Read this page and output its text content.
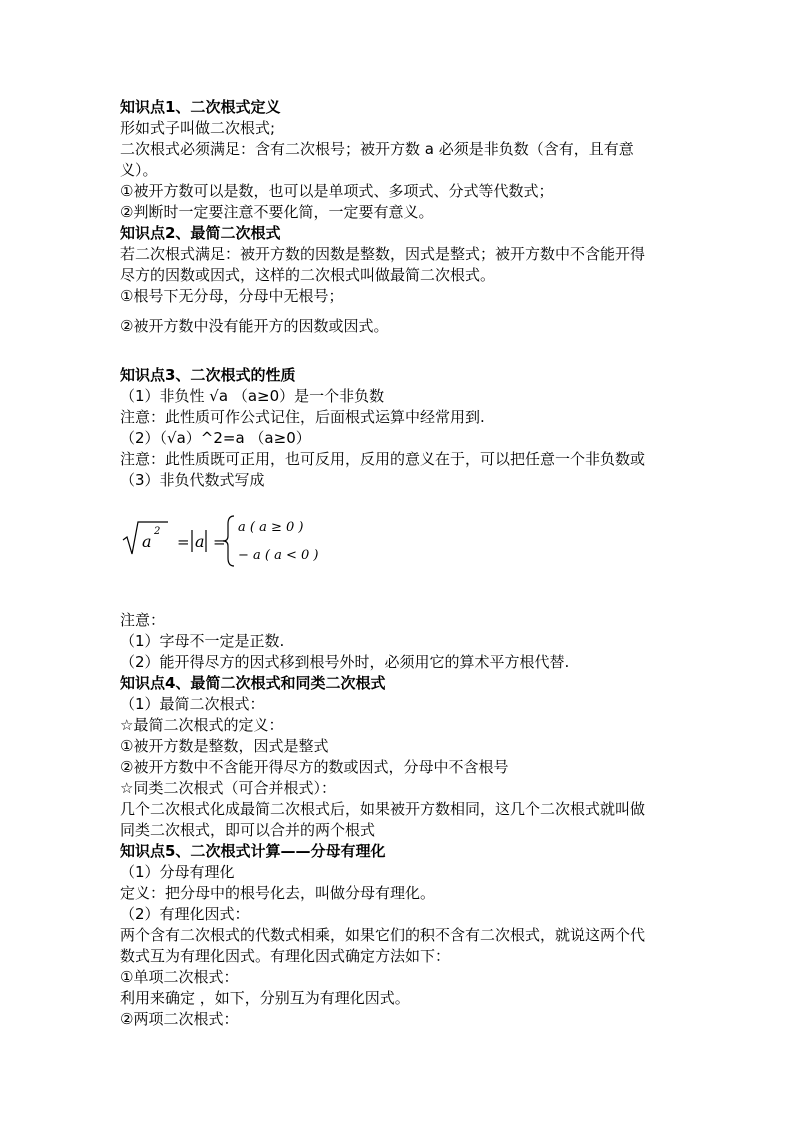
知识点1、二次根式定义
形如式子叫做二次根式;
二次根式必须满足：含有二次根号；被开方数 a 必须是非负数（含有，且有意
义）。
①被开方数可以是数，也可以是单项式、多项式、分式等代数式；
②判断时一定要注意不要化简，一定要有意义。
知识点2、最简二次根式
若二次根式满足：被开方数的因数是整数，因式是整式；被开方数中不含能开得
尽方的因数或因式，这样的二次根式叫做最简二次根式。
①根号下无分母，分母中无根号；
②被开方数中没有能开方的因数或因式。
知识点3、二次根式的性质
（1）非负性 √a （a≥0）是一个非负数
注意：此性质可作公式记住，后面根式运算中经常用到.
（2）（√a）^2=a （a≥0）
注意：此性质既可正用，也可反用，反用的意义在于，可以把任意一个非负数或
（3）非负代数式写成
a
2
= a =
a ( a ≥ 0 )
− a ( a < 0 )
注意：
（1）字母不一定是正数.
（2）能开得尽方的因式移到根号外时，必须用它的算术平方根代替.
知识点4、最简二次根式和同类二次根式
（1）最简二次根式：
☆最简二次根式的定义：
①被开方数是整数，因式是整式
②被开方数中不含能开得尽方的数或因式，分母中不含根号
☆同类二次根式（可合并根式）：
几个二次根式化成最简二次根式后，如果被开方数相同，这几个二次根式就叫做
同类二次根式，即可以合并的两个根式
知识点5、二次根式计算——分母有理化
（1）分母有理化
定义：把分母中的根号化去，叫做分母有理化。
（2）有理化因式：
两个含有二次根式的代数式相乘，如果它们的积不含有二次根式，就说这两个代
数式互为有理化因式。有理化因式确定方法如下：
①单项二次根式：
利用来确定 ，如下，分别互为有理化因式。
②两项二次根式：
